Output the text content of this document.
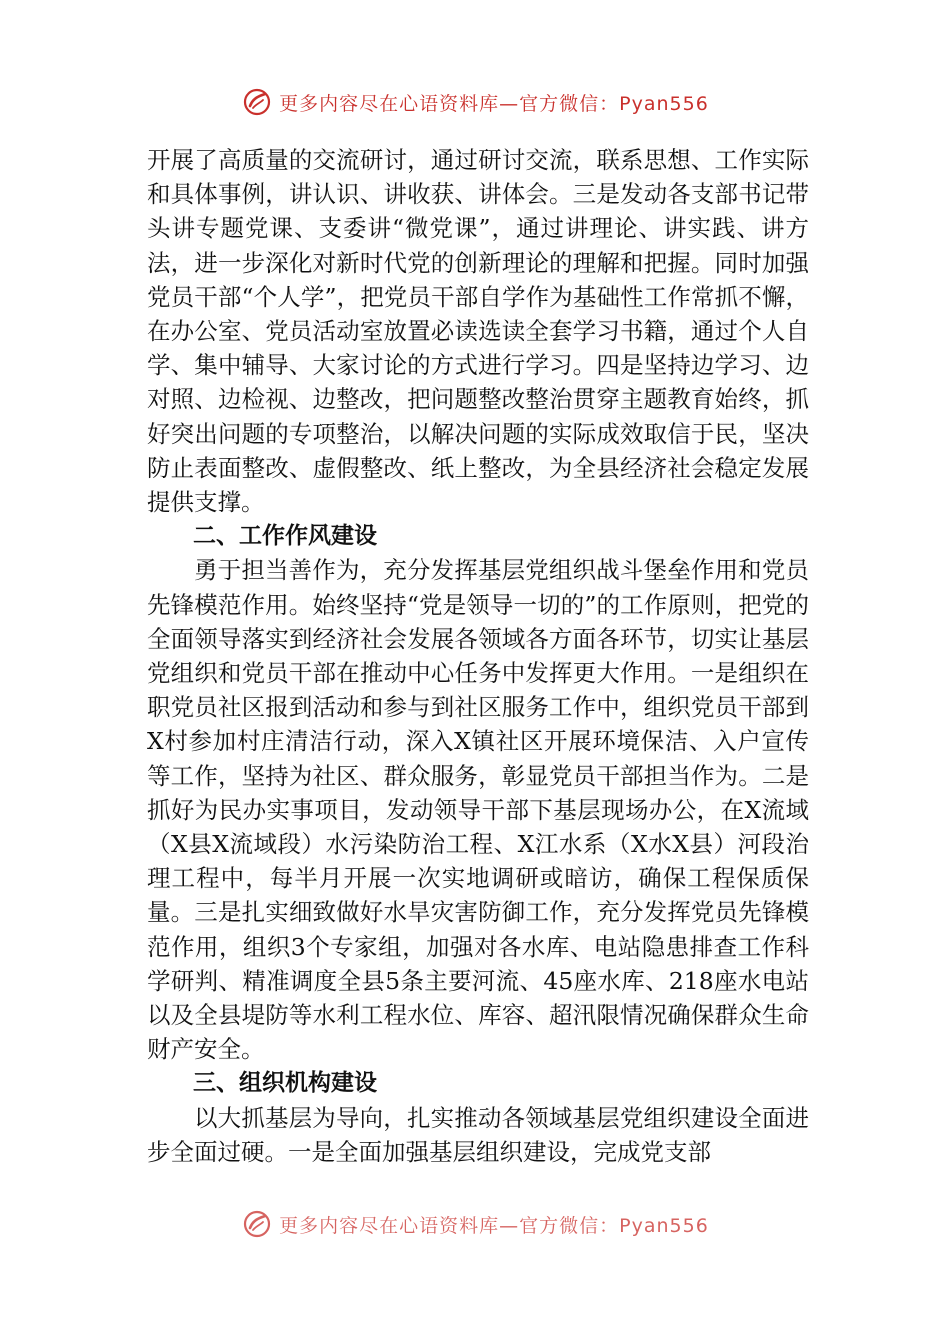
更多内容尽在心语资料库—官方微信：Pyan556

开展了高质量的交流研讨，通过研讨交流，联系思想、工作实际和具体事例，讲认识、讲收获、讲体会。三是发动各支部书记带头讲专题党课、支委讲“微党课”，通过讲理论、讲实践、讲方法，进一步深化对新时代党的创新理论的理解和把握。同时加强党员干部“个人学”，把党员干部自学作为基础性工作常抓不懈，在办公室、党员活动室放置必读选读全套学习书籍，通过个人自学、集中辅导、大家讨论的方式进行学习。四是坚持边学习、边对照、边检视、边整改，把问题整改整治贯穿主题教育始终，抓好突出问题的专项整治，以解决问题的实际成效取信于民，坚决防止表面整改、虚假整改、纸上整改，为全县经济社会稳定发展提供支撑。

二、工作作风建设

勇于担当善作为，充分发挥基层党组织战斗堡垒作用和党员先锋模范作用。始终坚持“党是领导一切的”的工作原则，把党的全面领导落实到经济社会发展各领域各方面各环节，切实让基层党组织和党员干部在推动中心任务中发挥更大作用。一是组织在职党员社区报到活动和参与到社区服务工作中，组织党员干部到X村参加村庄清洁行动，深入X镇社区开展环境保洁、入户宣传等工作，坚持为社区、群众服务，彰显党员干部担当作为。二是抓好为民办实事项目，发动领导干部下基层现场办公，在X流域（X县X流域段）水污染防治工程、X江水系（X水X县）河段治理工程中，每半月开展一次实地调研或暗访，确保工程保质保量。三是扎实细致做好水旱灾害防御工作，充分发挥党员先锋模范作用，组织3个专家组，加强对各水库、电站隐患排查工作科学研判、精准调度全县5条主要河流、45座水库、218座水电站以及全县堤防等水利工程水位、库容、超汛限情况确保群众生命财产安全。

三、组织机构建设

以大抓基层为导向，扎实推动各领域基层党组织建设全面进步全面过硬。一是全面加强基层组织建设，完成党支部

更多内容尽在心语资料库—官方微信：Pyan556
